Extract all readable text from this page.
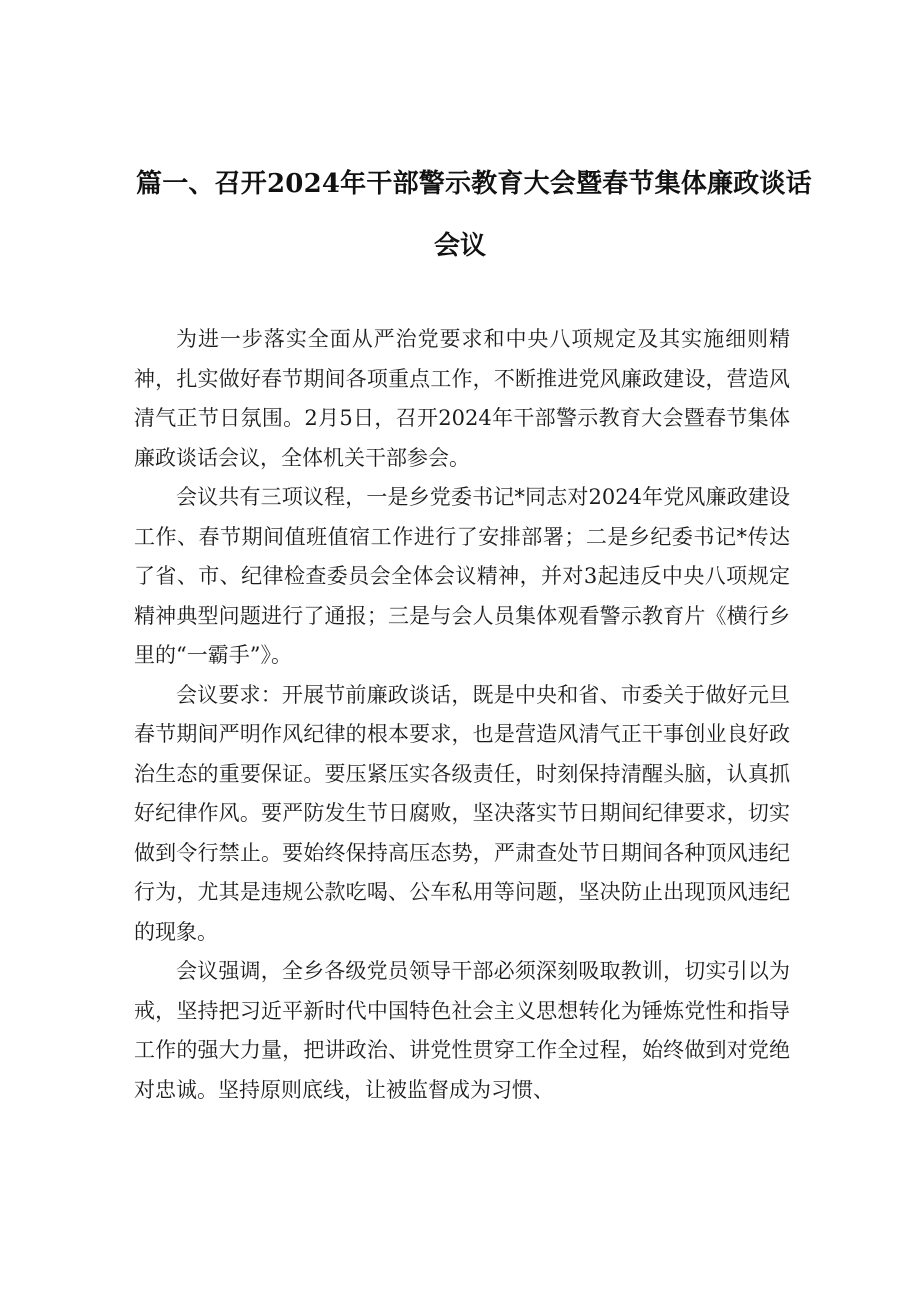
篇一、召开2024年干部警示教育大会暨春节集体廉政谈话
会议

为进一步落实全面从严治党要求和中央八项规定及其实施细则精神，扎实做好春节期间各项重点工作，不断推进党风廉政建设，营造风清气正节日氛围。2月5日，召开2024年干部警示教育大会暨春节集体廉政谈话会议，全体机关干部参会。

会议共有三项议程，一是乡党委书记*同志对2024年党风廉政建设工作、春节期间值班值宿工作进行了安排部署；二是乡纪委书记*传达了省、市、纪律检查委员会全体会议精神，并对3起违反中央八项规定精神典型问题进行了通报；三是与会人员集体观看警示教育片《横行乡里的“一霸手”》。

会议要求：开展节前廉政谈话，既是中央和省、市委关于做好元旦春节期间严明作风纪律的根本要求，也是营造风清气正干事创业良好政治生态的重要保证。要压紧压实各级责任，时刻保持清醒头脑，认真抓好纪律作风。要严防发生节日腐败，坚决落实节日期间纪律要求，切实做到令行禁止。要始终保持高压态势，严肃查处节日期间各种顶风违纪行为，尤其是违规公款吃喝、公车私用等问题，坚决防止出现顶风违纪的现象。

会议强调，全乡各级党员领导干部必须深刻吸取教训，切实引以为戒，坚持把习近平新时代中国特色社会主义思想转化为锤炼党性和指导工作的强大力量，把讲政治、讲党性贯穿工作全过程，始终做到对党绝对忠诚。坚持原则底线，让被监督成为习惯、
